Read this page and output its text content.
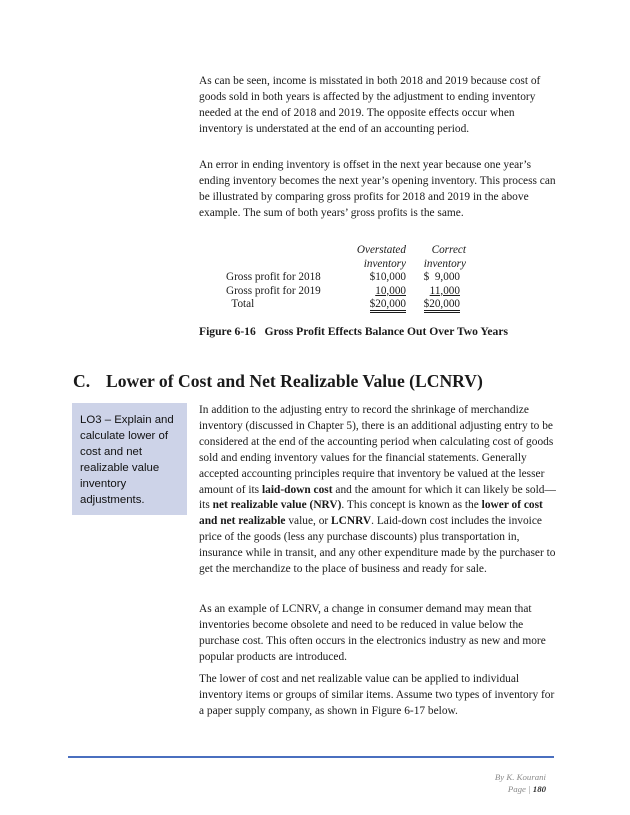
As can be seen, income is misstated in both 2018 and 2019 because cost of goods sold in both years is affected by the adjustment to ending inventory needed at the end of 2018 and 2019. The opposite effects occur when inventory is understated at the end of an accounting period.

An error in ending inventory is offset in the next year because one year’s ending inventory becomes the next year’s opening inventory. This process can be illustrated by comparing gross profits for 2018 and 2019 in the above example. The sum of both years’ gross profits is the same.

Overstated	Correct
inventory	inventory
Gross profit for 2018	$10,000	$  9,000
Gross profit for 2019	10,000	11,000
Total	$20,000	$20,000
Figure 6-16   Gross Profit Effects Balance Out Over Two Years
C. Lower of Cost and Net Realizable Value (LCNRV)
LO3 – Explain and calculate lower of cost and net realizable value inventory adjustments.

In addition to the adjusting entry to record the shrinkage of merchandize inventory (discussed in Chapter 5), there is an additional adjusting entry to be considered at the end of the accounting period when calculating cost of goods sold and ending inventory values for the financial statements. Generally accepted accounting principles require that inventory be valued at the lesser amount of its laid-down cost and the amount for which it can likely be sold—its net realizable value (NRV). This concept is known as the lower of cost and net realizable value, or LCNRV. Laid-down cost includes the invoice price of the goods (less any purchase discounts) plus transportation in, insurance while in transit, and any other expenditure made by the purchaser to get the merchandize to the place of business and ready for sale.

As an example of LCNRV, a change in consumer demand may mean that inventories become obsolete and need to be reduced in value below the purchase cost. This often occurs in the electronics industry as new and more popular products are introduced.

The lower of cost and net realizable value can be applied to individual inventory items or groups of similar items. Assume two types of inventory for a paper supply company, as shown in Figure 6-17 below.

By K. Kourani
Page | 180
